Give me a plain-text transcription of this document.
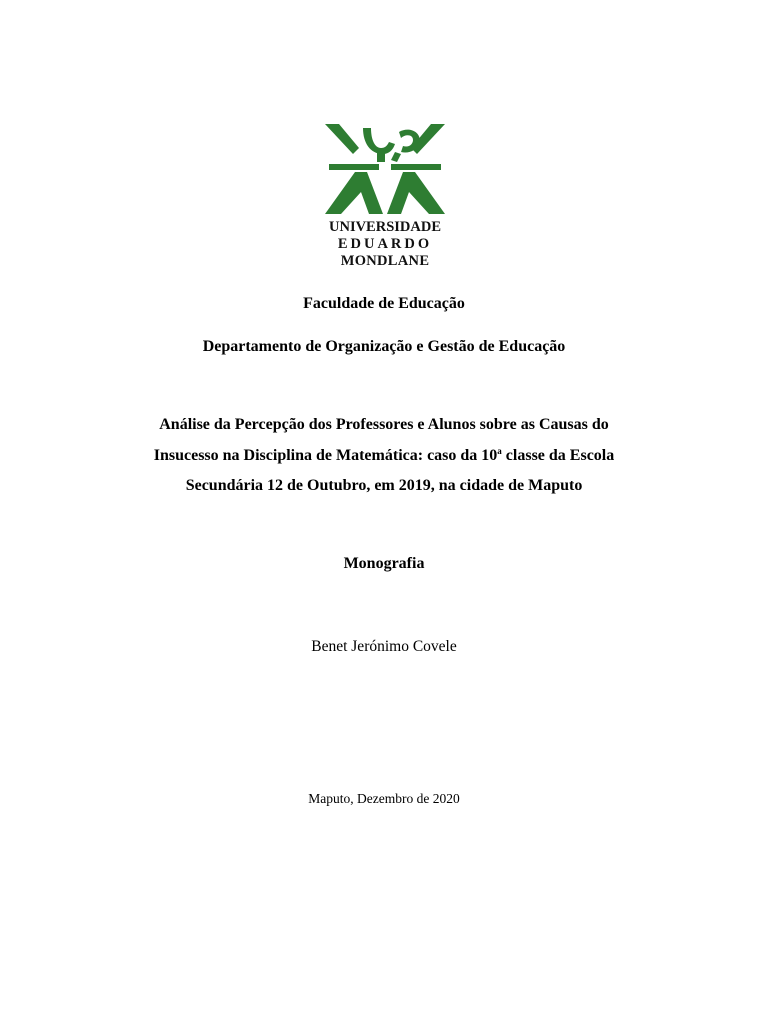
UNIVERSIDADE
EDUARDO
MONDLANE
Faculdade de Educação
Departamento de Organização e Gestão de Educação
Análise da Percepção dos Professores e Alunos sobre as Causas do
Insucesso na Disciplina de Matemática: caso da 10$^a$ classe da Escola
Secundária 12 de Outubro, em 2019, na cidade de Maputo
Monografia
Benet Jerónimo Covele
Maputo, Dezembro de 2020
